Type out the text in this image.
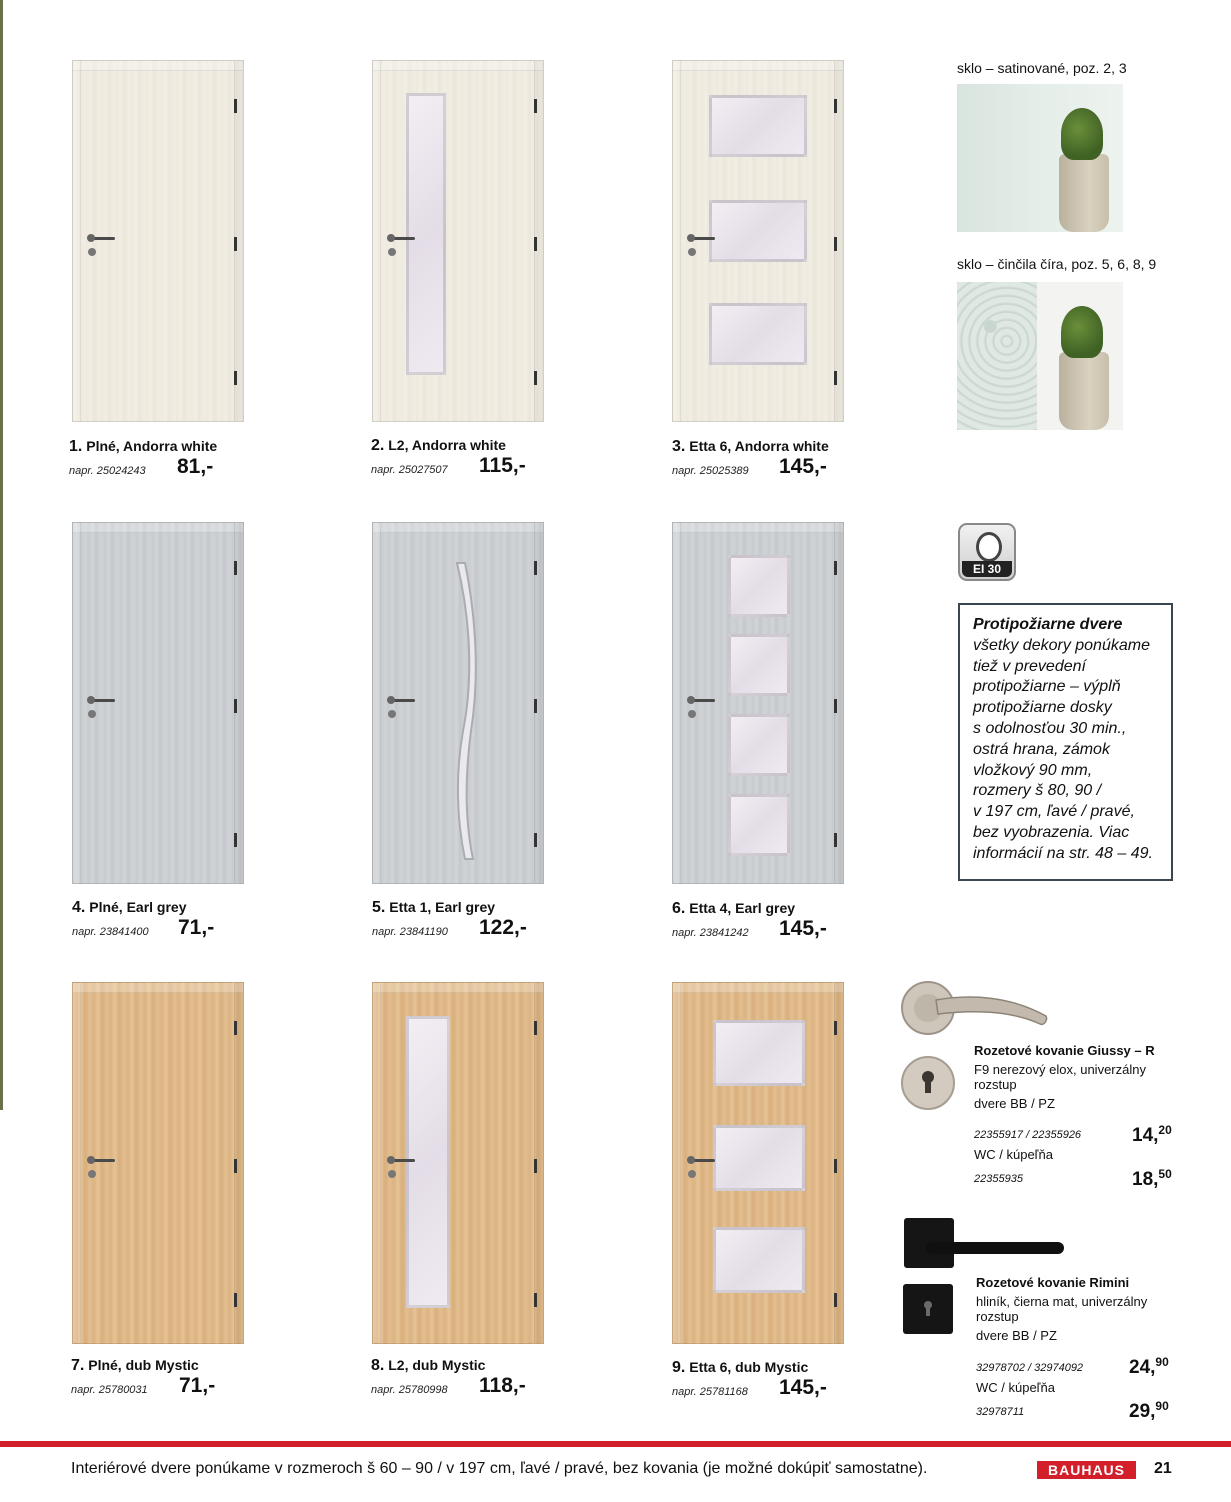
1. Plné, Andorra white
napr. 25024243 81,-
2. L2, Andorra white
napr. 25027507 115,-
3. Etta 6, Andorra white
napr. 25025389 145,-
sklo – satinované, poz. 2, 3
sklo – činčila číra, poz. 5, 6, 8, 9
4. Plné, Earl grey
napr. 23841400 71,-
5. Etta 1, Earl grey
napr. 23841190 122,-
6. Etta 4, Earl grey
napr. 23841242 145,-
EI 30
Protipožiarne dvere
všetky dekory ponúkame
tiež v prevedení
protipožiarne – výplň
protipožiarne dosky
s odolnosťou 30 min.,
ostrá hrana, zámok
vložkový 90 mm,
rozmery š 80, 90 /
v 197 cm, ľavé / pravé,
bez vyobrazenia. Viac
informácií na str. 48 – 49.
7. Plné, dub Mystic
napr. 25780031 71,-
8. L2, dub Mystic
napr. 25780998 118,-
9. Etta 6, dub Mystic
napr. 25781168 145,-
Rozetové kovanie Giussy – R
F9 nerezový elox, univerzálny
rozstup
dvere BB / PZ
22355917 / 22355926	14,20
WC / kúpeľňa
22355935	18,50
Rozetové kovanie Rimini
hliník, čierna mat, univerzálny
rozstup
dvere BB / PZ
32978702 / 32974092 24,90
WC / kúpeľňa
32978711	29,90
Interiérové dvere ponúkame v rozmeroch š 60 – 90 / v 197 cm, ľavé / pravé, bez kovania (je možné dokúpiť samostatne).	BAUHAUS	21
